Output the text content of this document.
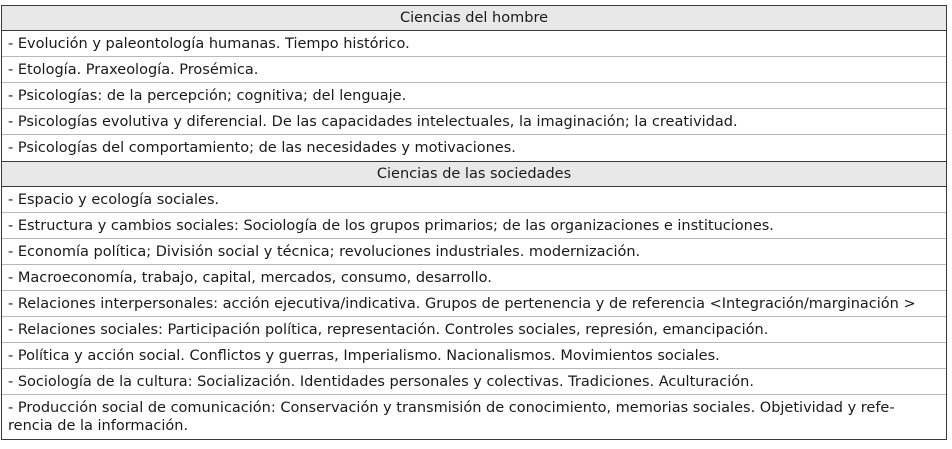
Ciencias del hombre
- Evolución y paleontología humanas. Tiempo histórico.
- Etología. Praxeología. Prosémica.
- Psicologías: de la percepción; cognitiva; del lenguaje.
- Psicologías evolutiva y diferencial. De las capacidades intelectuales, la imaginación; la creatividad.
- Psicologías del comportamiento; de las necesidades y motivaciones.
Ciencias de las sociedades
- Espacio y ecología sociales.
- Estructura y cambios sociales: Sociología de los grupos primarios; de las organizaciones e instituciones.
- Economía política; División social y técnica; revoluciones industriales. modernización.
- Macroeconomía, trabajo, capital, mercados, consumo, desarrollo.
- Relaciones interpersonales: acción ejecutiva/indicativa. Grupos de pertenencia y de referencia <Integración/marginación >
- Relaciones sociales: Participación política, representación. Controles sociales, represión, emancipación.
- Política y acción social. Conflictos y guerras, Imperialismo. Nacionalismos. Movimientos sociales.
- Sociología de la cultura: Socialización. Identidades personales y colectivas. Tradiciones. Aculturación.
- Producción social de comunicación: Conservación y transmisión de conocimiento, memorias sociales. Objetividad y refe-
rencia de la información.
